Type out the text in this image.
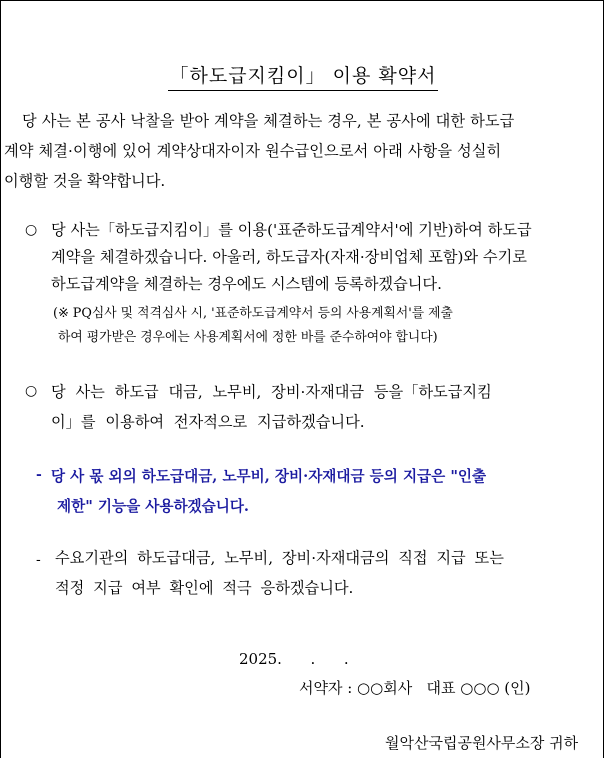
「하도급지킴이」 이용 확약서
당 사는 본 공사 낙찰을 받아 계약을 체결하는 경우, 본 공사에 대한 하도급
계약 체결·이행에 있어 계약상대자이자 원수급인으로서 아래 사항을 성실히
이행할 것을 확약합니다.
○ 당 사는「하도급지킴이」를 이용('표준하도급계약서'에 기반)하여 하도급
계약을 체결하겠습니다. 아울러, 하도급자(자재·장비업체 포함)와 수기로
하도급계약을 체결하는 경우에도 시스템에 등록하겠습니다.
(※ PQ심사 및 적격심사 시, '표준하도급계약서 등의 사용계획서'를 제출
하여 평가받은 경우에는 사용계획서에 정한 바를 준수하여야 합니다)
○ 당 사는 하도급 대금, 노무비, 장비·자재대금 등을「하도급지킴
이」를 이용하여 전자적으로 지급하겠습니다.
- 당 사 몫 외의 하도급대금, 노무비, 장비·자재대금 등의 지급은 "인출
제한" 기능을 사용하겠습니다.
- 수요기관의 하도급대금, 노무비, 장비·자재대금의 직접 지급 또는
적정 지급 여부 확인에 적극 응하겠습니다.
2025.      .      .
서약자 : ○○회사   대표 ○○○ (인)
월악산국립공원사무소장 귀하
